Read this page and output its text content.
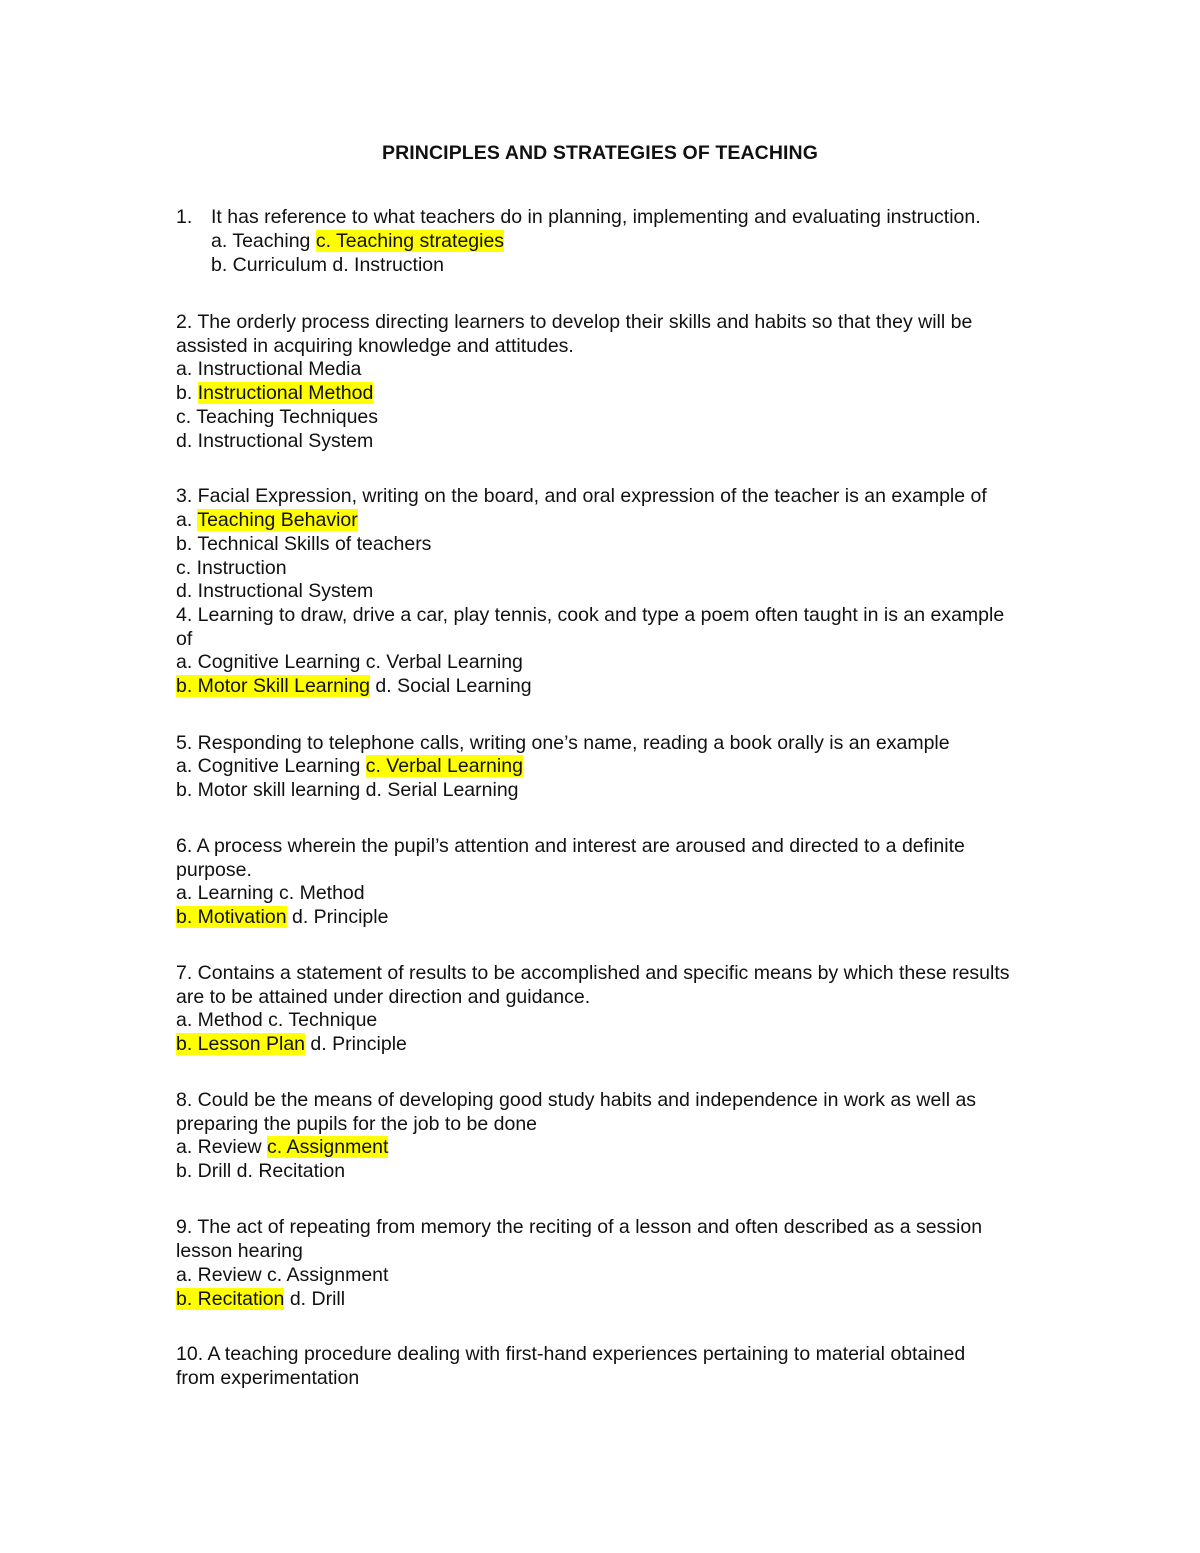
PRINCIPLES AND STRATEGIES OF TEACHING
1. It has reference to what teachers do in planning, implementing and evaluating instruction.
a. Teaching c. Teaching strategies
b. Curriculum d. Instruction
2. The orderly process directing learners to develop their skills and habits so that they will be
assisted in acquiring knowledge and attitudes.
a. Instructional Media
b. Instructional Method
c. Teaching Techniques
d. Instructional System
3. Facial Expression, writing on the board, and oral expression of the teacher is an example of
a. Teaching Behavior
b. Technical Skills of teachers
c. Instruction
d. Instructional System
4. Learning to draw, drive a car, play tennis, cook and type a poem often taught in is an example
of
a. Cognitive Learning c. Verbal Learning
b. Motor Skill Learning d. Social Learning
5. Responding to telephone calls, writing one’s name, reading a book orally is an example
a. Cognitive Learning c. Verbal Learning
b. Motor skill learning d. Serial Learning
6. A process wherein the pupil’s attention and interest are aroused and directed to a definite
purpose.
a. Learning c. Method
b. Motivation d. Principle
7. Contains a statement of results to be accomplished and specific means by which these results
are to be attained under direction and guidance.
a. Method c. Technique
b. Lesson Plan d. Principle
8. Could be the means of developing good study habits and independence in work as well as
preparing the pupils for the job to be done
a. Review c. Assignment
b. Drill d. Recitation
9. The act of repeating from memory the reciting of a lesson and often described as a session
lesson hearing
a. Review c. Assignment
b. Recitation d. Drill
10. A teaching procedure dealing with first-hand experiences pertaining to material obtained
from experimentation
